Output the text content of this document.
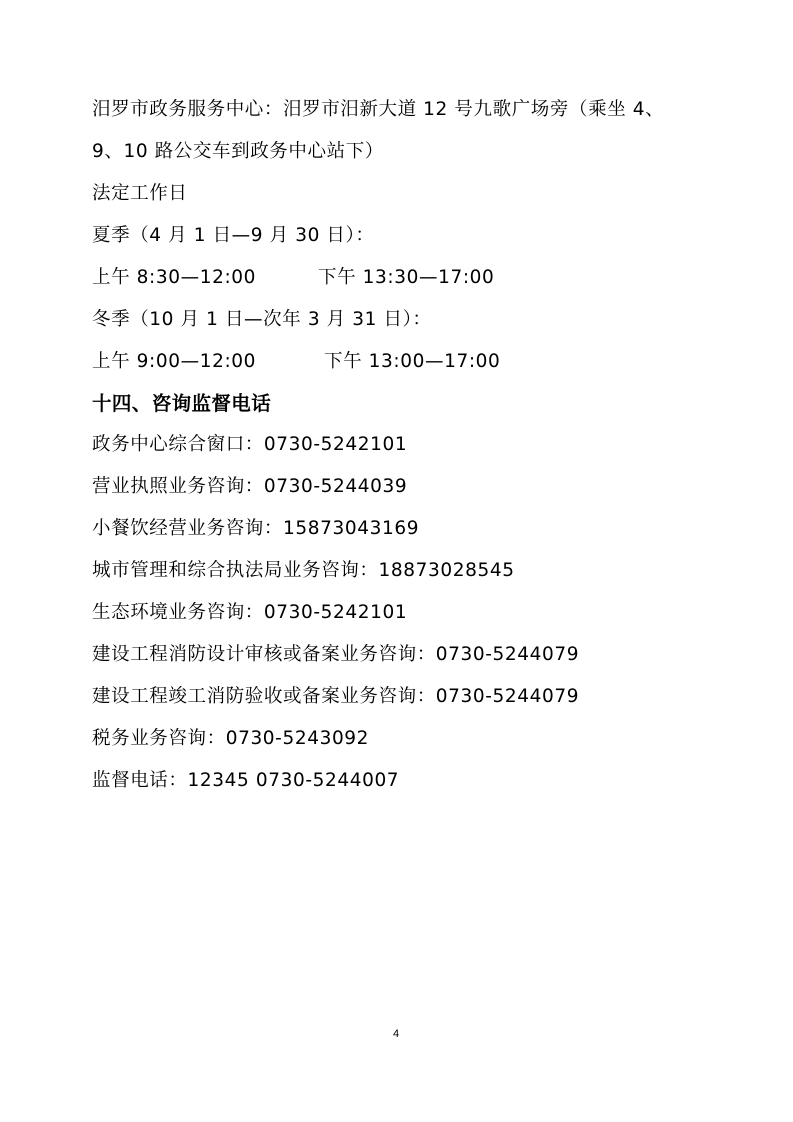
汨罗市政务服务中心：汨罗市汨新大道 12 号九歌广场旁（乘坐 4、
9、10 路公交车到政务中心站下）
法定工作日
夏季（4 月 1 日—9 月 30 日）：
上午 8:30—12:00	下午 13:30—17:00
冬季（10 月 1 日—次年 3 月 31 日）：
上午 9:00—12:00	下午 13:00—17:00
十四、咨询监督电话
政务中心综合窗口：0730-5242101
营业执照业务咨询：0730-5244039
小餐饮经营业务咨询：15873043169
城市管理和综合执法局业务咨询：18873028545
生态环境业务咨询：0730-5242101
建设工程消防设计审核或备案业务咨询：0730-5244079
建设工程竣工消防验收或备案业务咨询：0730-5244079
税务业务咨询：0730-5243092
监督电话：12345 0730-5244007
4
